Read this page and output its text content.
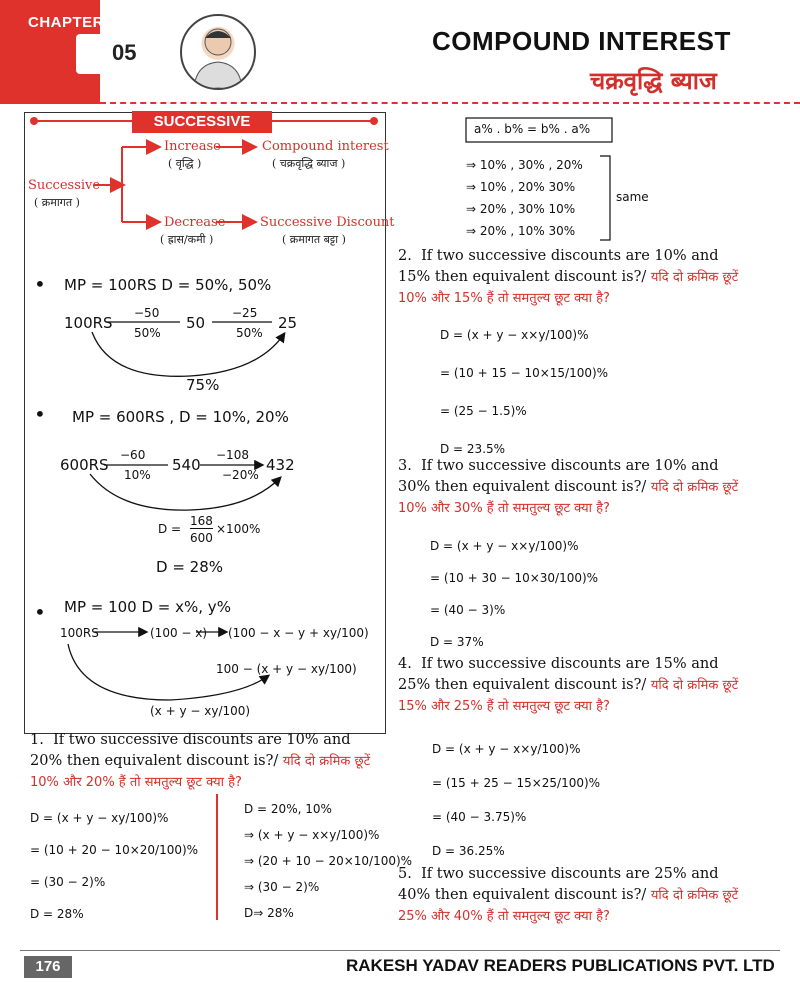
CHAPTER
05	COMPOUND INTEREST
चक्रवृद्धि ब्याज
SUCCESSIVE
Successive
( क्रमागत )
Increase
( वृद्धि )
Compound interest
( चक्रवृद्धि ब्याज )
Decrease
( ह्रास/कमी )
Successive Discount
( क्रमागत बट्टा )
• MP = 100RS D = 50%, 50%
100RS
−50
50%
50
−25
50%
25
75%
• MP = 600RS , D = 10%, 20%
600RS
−60
10%
540
−108
−20%
432
D =
168
600
×100%
D = 28%
• MP = 100 D = x%, y%
100RS	(100 − x) (100 − x − y + xy/100)
100 − (x + y − xy/100)
(x + y − xy/100)
1. If two successive discounts are 10% and 20% then equivalent discount is?/ यदि दो क्रमिक छूटें 10% और 20% हैं तो समतुल्य छूट क्या है?
D = (x + y − xy/100)%
= (10 + 20 − 10×20/100)%
= (30 − 2)%
D = 28%
D = 20%, 10%
⇒ (x + y − x×y/100)%
⇒ (20 + 10 − 20×10/100)%
⇒ (30 − 2)%
D⇒ 28%
a% . b% = b% . a%
⇒ 10% , 30% , 20%
⇒ 10% , 20% 30%
⇒ 20% , 30% 10%
⇒ 20% , 10% 30%
same
2. If two successive discounts are 10% and 15% then equivalent discount is?/ यदि दो क्रमिक छूटें 10% और 15% हैं तो समतुल्य छूट क्या है?
D = (x + y − x×y/100)%
= (10 + 15 − 10×15/100)%
= (25 − 1.5)%
D = 23.5%
3. If two successive discounts are 10% and 30% then equivalent discount is?/ यदि दो क्रमिक छूटें 10% और 30% हैं तो समतुल्य छूट क्या है?
D = (x + y − x×y/100)%
= (10 + 30 − 10×30/100)%
= (40 − 3)%
D = 37%
4. If two successive discounts are 15% and 25% then equivalent discount is?/ यदि दो क्रमिक छूटें 15% और 25% हैं तो समतुल्य छूट क्या है?
D = (x + y − x×y/100)%
= (15 + 25 − 15×25/100)%
= (40 − 3.75)%
D = 36.25%
5. If two successive discounts are 25% and 40% then equivalent discount is?/ यदि दो क्रमिक छूटें 25% और 40% हैं तो समतुल्य छूट क्या है?
176	RAKESH YADAV READERS PUBLICATIONS PVT. LTD
